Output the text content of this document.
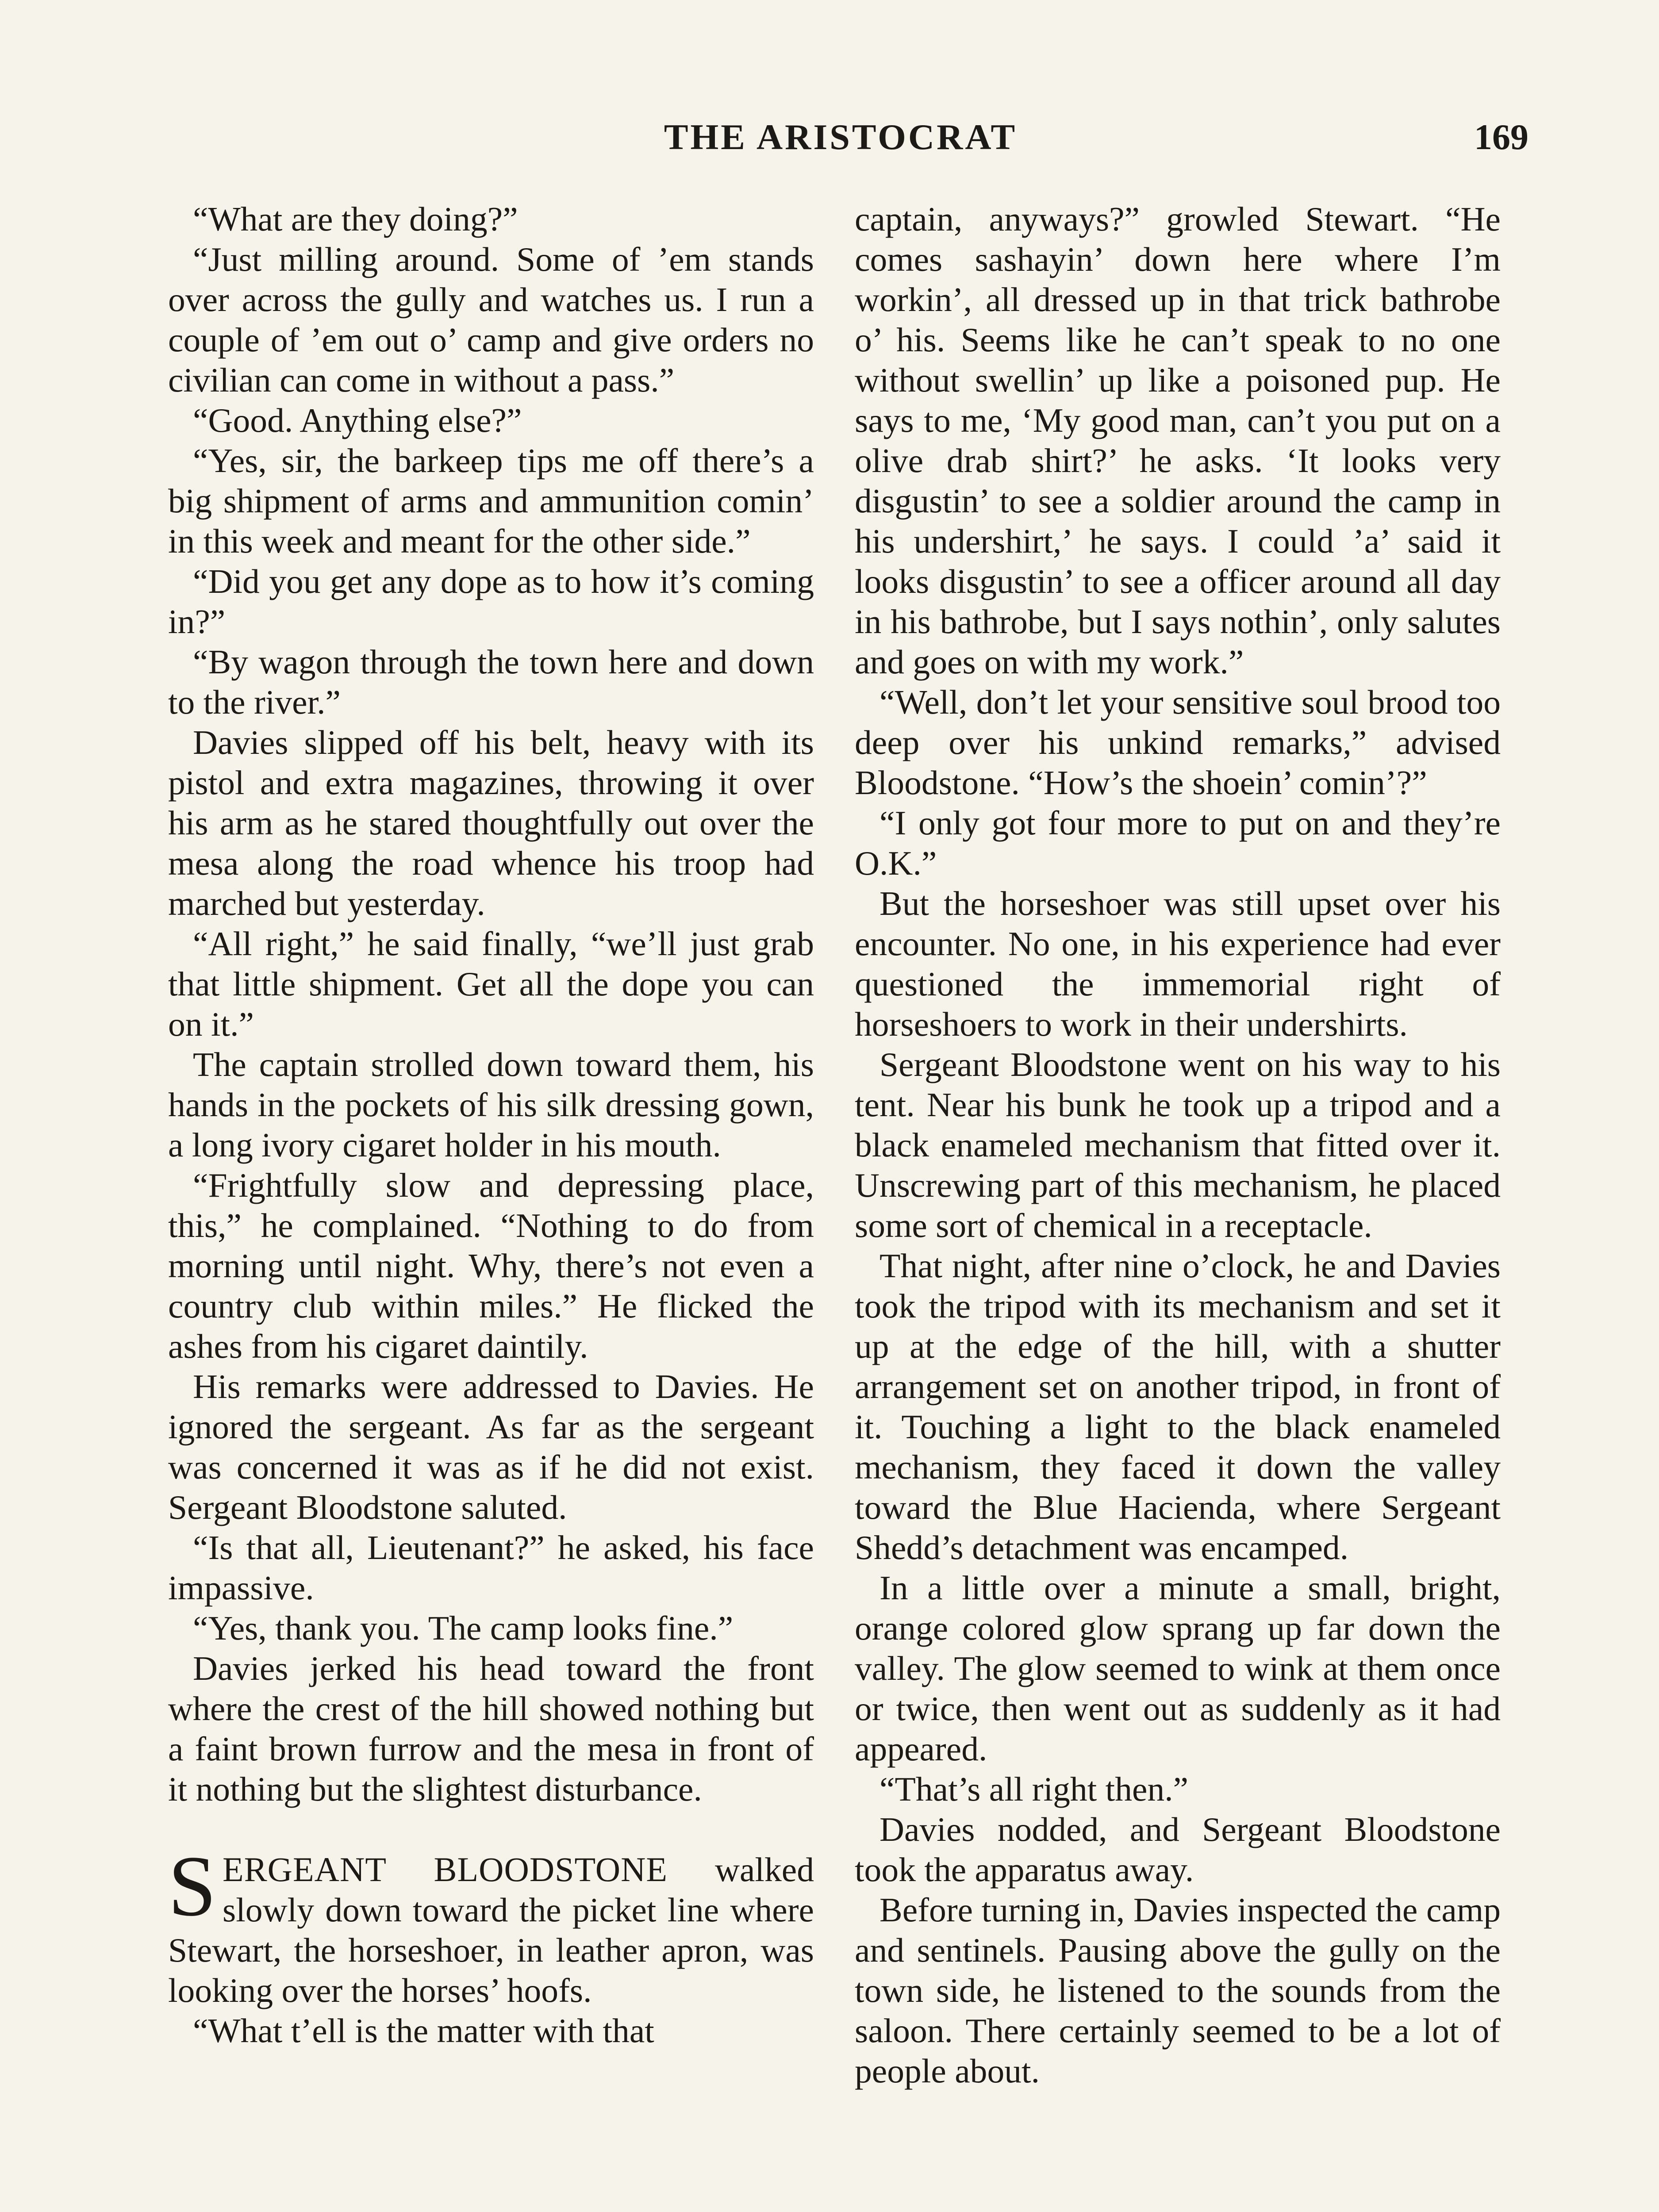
THE ARISTOCRAT	169

“What are they doing?”

“Just milling around. Some of ’em stands over across the gully and watches us. I run a couple of ’em out o’ camp and give orders no civilian can come in without a pass.”

“Good. Anything else?”

“Yes, sir, the barkeep tips me off there’s a big shipment of arms and ammunition comin’ in this week and meant for the other side.”

“Did you get any dope as to how it’s coming in?”

“By wagon through the town here and down to the river.”

Davies slipped off his belt, heavy with its pistol and extra magazines, throwing it over his arm as he stared thoughtfully out over the mesa along the road whence his troop had marched but yesterday.

“All right,” he said finally, “we’ll just grab that little shipment. Get all the dope you can on it.”

The captain strolled down toward them, his hands in the pockets of his silk dressing gown, a long ivory cigaret holder in his mouth.

“Frightfully slow and depressing place, this,” he complained. “Nothing to do from morning until night. Why, there’s not even a country club within miles.” He flicked the ashes from his cigaret daintily.

His remarks were addressed to Davies. He ignored the sergeant. As far as the sergeant was concerned it was as if he did not exist. Sergeant Bloodstone saluted.

“Is that all, Lieutenant?” he asked, his face impassive.

“Yes, thank you. The camp looks fine.”

Davies jerked his head toward the front where the crest of the hill showed nothing but a faint brown furrow and the mesa in front of it nothing but the slightest disturbance.

SERGEANT BLOODSTONE walked slowly down toward the picket line where Stewart, the horseshoer, in leather apron, was looking over the horses’ hoofs.

“What t’ell is the matter with that

captain, anyways?” growled Stewart. “He comes sashayin’ down here where I’m workin’, all dressed up in that trick bathrobe o’ his. Seems like he can’t speak to no one without swellin’ up like a poisoned pup. He says to me, ‘My good man, can’t you put on a olive drab shirt?’ he asks. ‘It looks very disgustin’ to see a soldier around the camp in his undershirt,’ he says. I could ’a’ said it looks disgustin’ to see a officer around all day in his bathrobe, but I says nothin’, only salutes and goes on with my work.”

“Well, don’t let your sensitive soul brood too deep over his unkind remarks,” advised Bloodstone. “How’s the shoein’ comin’?”

“I only got four more to put on and they’re O.K.”

But the horseshoer was still upset over his encounter. No one, in his experience had ever questioned the immemorial right of horseshoers to work in their undershirts.

Sergeant Bloodstone went on his way to his tent. Near his bunk he took up a tripod and a black enameled mechanism that fitted over it. Unscrewing part of this mechanism, he placed some sort of chemical in a receptacle.

That night, after nine o’clock, he and Davies took the tripod with its mechanism and set it up at the edge of the hill, with a shutter arrangement set on another tripod, in front of it. Touching a light to the black enameled mechanism, they faced it down the valley toward the Blue Hacienda, where Sergeant Shedd’s detachment was encamped.

In a little over a minute a small, bright, orange colored glow sprang up far down the valley. The glow seemed to wink at them once or twice, then went out as suddenly as it had appeared.

“That’s all right then.”

Davies nodded, and Sergeant Bloodstone took the apparatus away.

Before turning in, Davies inspected the camp and sentinels. Pausing above the gully on the town side, he listened to the sounds from the saloon. There certainly seemed to be a lot of people about.
